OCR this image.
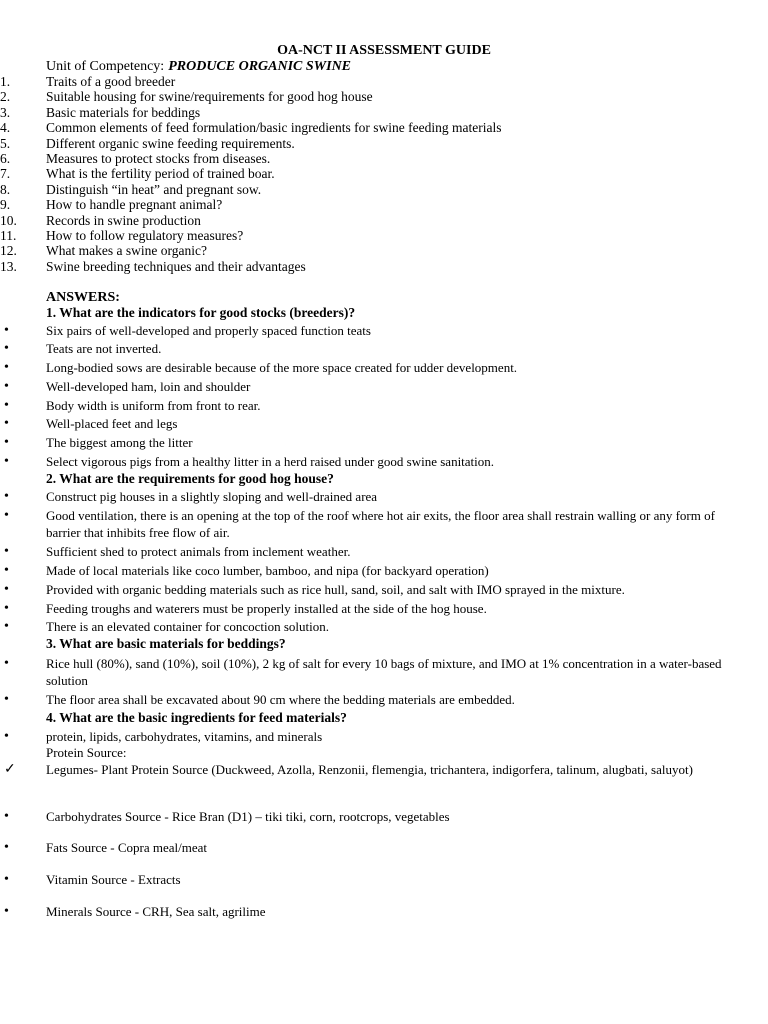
OA-NCT II ASSESSMENT GUIDE
Unit of Competency: PRODUCE ORGANIC SWINE
1.	Traits of a good breeder
2.	Suitable housing for swine/requirements for good hog house
3.	Basic materials for beddings
4.	Common elements of feed formulation/basic ingredients for swine feeding materials
5.	Different organic swine feeding requirements.
6.	Measures to protect stocks from diseases.
7.	What is the fertility period of trained boar.
8.	Distinguish “in heat” and pregnant sow.
9.	How to handle pregnant animal?
10.	Records in swine production
11.	How to follow regulatory measures?
12.	What makes a swine organic?
13.	Swine breeding techniques and their advantages
ANSWERS:
1. What are the indicators for good stocks (breeders)?
•	Six pairs of well-developed and properly spaced function teats
•	Teats are not inverted.
•	Long-bodied sows are desirable because of the more space created for udder development.
•	Well-developed ham, loin and shoulder
•	Body width is uniform from front to rear.
•	Well-placed feet and legs
•	The biggest among the litter
•	Select vigorous pigs from a healthy litter in a herd raised under good swine sanitation.
2. What are the requirements for good hog house?
•	Construct pig houses in a slightly sloping and well-drained area
•	Good ventilation, there is an opening at the top of the roof where hot air exits, the floor area shall restrain walling or any form of barrier that inhibits free flow of air.
•	Sufficient shed to protect animals from inclement weather.
•	Made of local materials like coco lumber, bamboo, and nipa (for backyard operation)
•	Provided with organic bedding materials such as rice hull, sand, soil, and salt with IMO sprayed in the mixture.
•	Feeding troughs and waterers must be properly installed at the side of the hog house.
•	There is an elevated container for concoction solution.
3. What are basic materials for beddings?
•	Rice hull (80%), sand (10%), soil (10%), 2 kg of salt for every 10 bags of mixture, and IMO at 1% concentration in a water-based solution
•	The floor area shall be excavated about 90 cm where the bedding materials are embedded.
4. What are the basic ingredients for feed materials?
•	protein, lipids, carbohydrates, vitamins, and minerals
Protein Source:
✓ Legumes- Plant Protein Source (Duckweed, Azolla, Renzonii, flemengia, trichantera, indigorfera, talinum, alugbati, saluyot)
•	Carbohydrates Source - Rice Bran (D1) – tiki tiki, corn, rootcrops, vegetables
•	Fats Source - Copra meal/meat
•	Vitamin Source - Extracts
•	Minerals Source - CRH, Sea salt, agrilime
